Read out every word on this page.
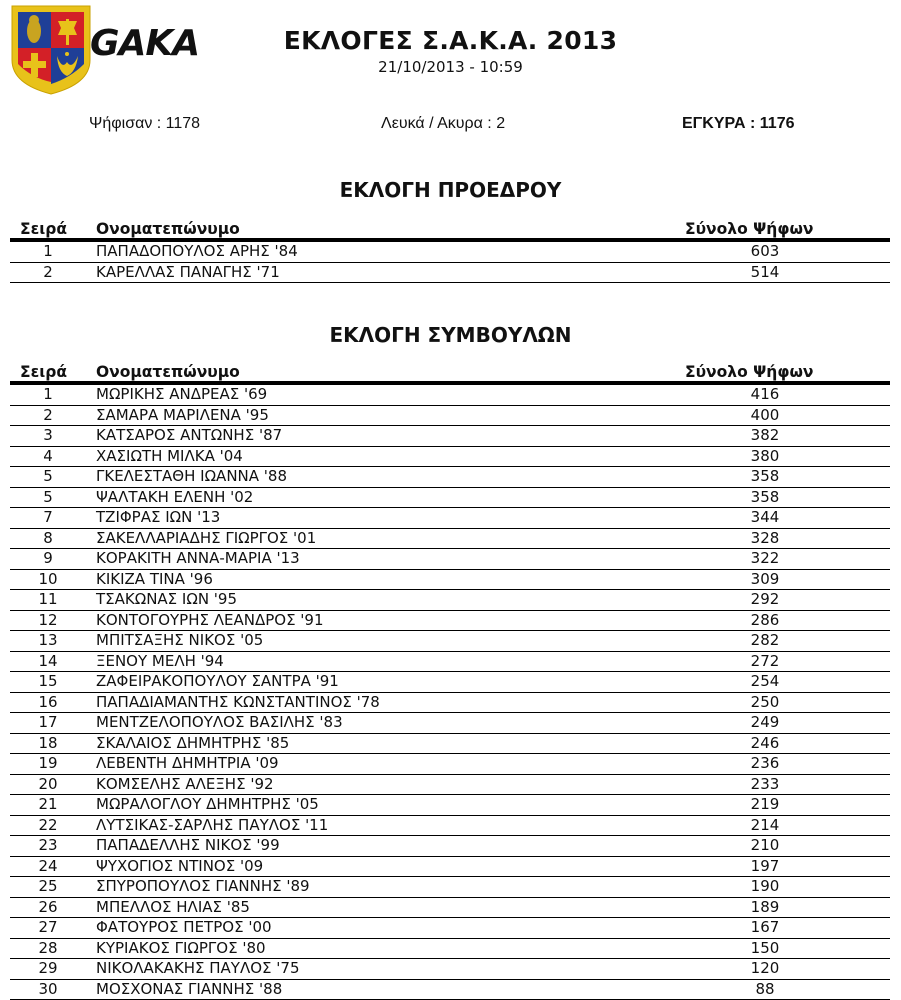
GAKA	ΕΚΛΟΓΕΣ Σ.Α.Κ.Α. 2013
21/10/2013 - 10:59
Ψήφισαν : 1178	Λευκά / Ακυρα : 2	ΕΓΚΥΡΑ : 1176
ΕΚΛΟΓΗ ΠΡΟΕΔΡΟΥ
Σειρά	Ονοματεπώνυμο	Σύνολο Ψήφων
1	ΠΑΠΑΔΟΠΟΥΛΟΣ ΑΡΗΣ '84	603
2	ΚΑΡΕΛΛΑΣ ΠΑΝΑΓΗΣ '71	514
ΕΚΛΟΓΗ ΣΥΜΒΟΥΛΩΝ
Σειρά	Ονοματεπώνυμο	Σύνολο Ψήφων
1	ΜΩΡΙΚΗΣ ΑΝΔΡΕΑΣ '69	416
2	ΣΑΜΑΡΑ ΜΑΡΙΛΕΝΑ '95	400
3	ΚΑΤΣΑΡΟΣ ΑΝΤΩΝΗΣ '87	382
4	ΧΑΣΙΩΤΗ ΜΙΛΚΑ '04	380
5	ΓΚΕΛΕΣΤΑΘΗ ΙΩΑΝΝΑ '88	358
5	ΨΑΛΤΑΚΗ ΕΛΕΝΗ '02	358
7	ΤΖΙΦΡΑΣ ΙΩΝ '13	344
8	ΣΑΚΕΛΛΑΡΙΑΔΗΣ ΓΙΩΡΓΟΣ '01	328
9	ΚΟΡΑΚΙΤΗ ΑΝΝΑ-ΜΑΡΙΑ '13	322
10	ΚΙΚΙΖΑ ΤΙΝΑ '96	309
11	ΤΣΑΚΩΝΑΣ ΙΩΝ '95	292
12	ΚΟΝΤΟΓΟΥΡΗΣ ΛΕΑΝΔΡΟΣ '91	286
13	ΜΠΙΤΣΑΞΗΣ ΝΙΚΟΣ '05	282
14	ΞΕΝΟΥ ΜΕΛΗ '94	272
15	ΖΑΦΕΙΡΑΚΟΠΟΥΛΟΥ ΣΑΝΤΡΑ '91	254
16	ΠΑΠΑΔΙΑΜΑΝΤΗΣ ΚΩΝΣΤΑΝΤΙΝΟΣ '78	250
17	ΜΕΝΤΖΕΛΟΠΟΥΛΟΣ ΒΑΣΙΛΗΣ '83	249
18	ΣΚΑΛΑΙΟΣ ΔΗΜΗΤΡΗΣ '85	246
19	ΛΕΒΕΝΤΗ ΔΗΜΗΤΡΙΑ '09	236
20	ΚΟΜΣΕΛΗΣ ΑΛΕΞΗΣ '92	233
21	ΜΩΡΑΛΟΓΛΟΥ ΔΗΜΗΤΡΗΣ '05	219
22	ΛΥΤΣΙΚΑΣ-ΣΑΡΛΗΣ ΠΑΥΛΟΣ '11	214
23	ΠΑΠΑΔΕΛΛΗΣ ΝΙΚΟΣ '99	210
24	ΨΥΧΟΓΙΟΣ ΝΤΙΝΟΣ '09	197
25	ΣΠΥΡΟΠΟΥΛΟΣ ΓΙΑΝΝΗΣ '89	190
26	ΜΠΕΛΛΟΣ ΗΛΙΑΣ '85	189
27	ΦΑΤΟΥΡΟΣ ΠΕΤΡΟΣ '00	167
28	ΚΥΡΙΑΚΟΣ ΓΙΩΡΓΟΣ '80	150
29	ΝΙΚΟΛΑΚΑΚΗΣ ΠΑΥΛΟΣ '75	120
30	ΜΟΣΧΟΝΑΣ ΓΙΑΝΝΗΣ '88	88
